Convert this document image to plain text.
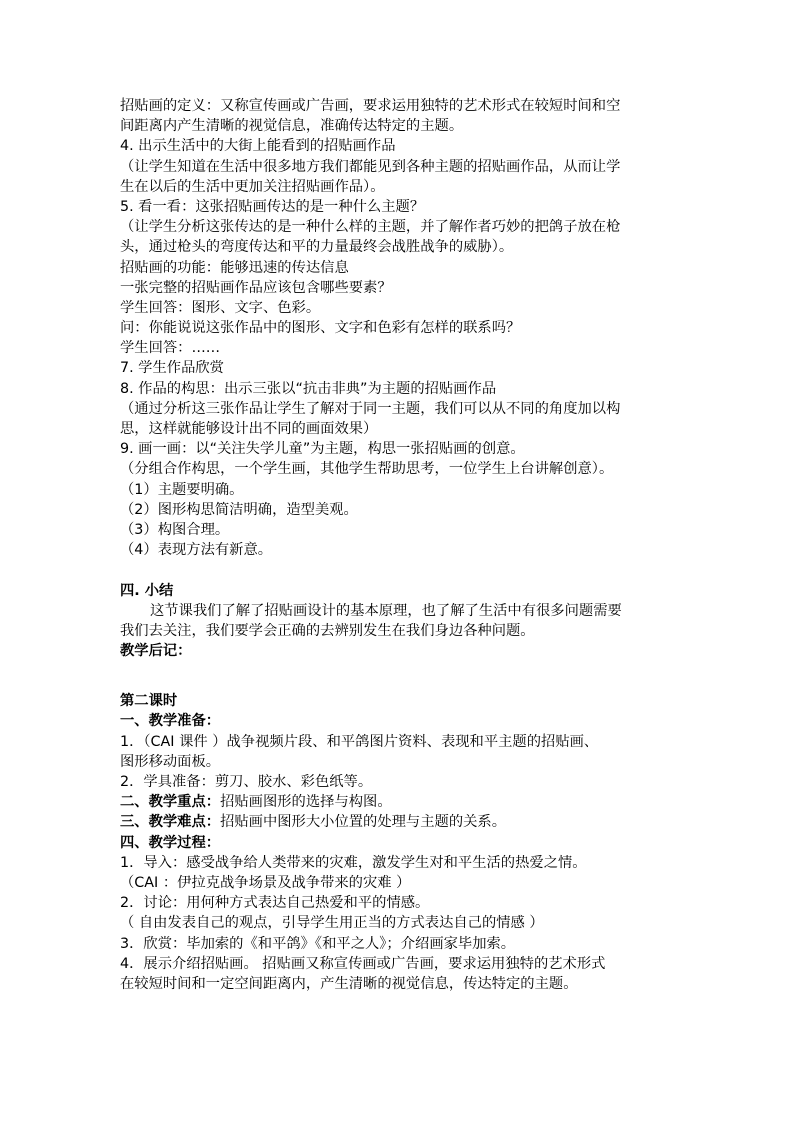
招贴画的定义：又称宣传画或广告画，要求运用独特的艺术形式在较短时间和空
间距离内产生清晰的视觉信息，准确传达特定的主题。
4. 出示生活中的大街上能看到的招贴画作品
（让学生知道在生活中很多地方我们都能见到各种主题的招贴画作品，从而让学
生在以后的生活中更加关注招贴画作品）。
5. 看一看：这张招贴画传达的是一种什么主题？
（让学生分析这张传达的是一种什么样的主题，并了解作者巧妙的把鸽子放在枪
头，通过枪头的弯度传达和平的力量最终会战胜战争的威胁）。
招贴画的功能：能够迅速的传达信息
一张完整的招贴画作品应该包含哪些要素？
学生回答：图形、文字、色彩。
问：你能说说这张作品中的图形、文字和色彩有怎样的联系吗？
学生回答：……
7. 学生作品欣赏
8. 作品的构思：出示三张以“抗击非典”为主题的招贴画作品
（通过分析这三张作品让学生了解对于同一主题，我们可以从不同的角度加以构
思，这样就能够设计出不同的画面效果）
9. 画一画：以“关注失学儿童”为主题，构思一张招贴画的创意。
（分组合作构思，一个学生画，其他学生帮助思考，一位学生上台讲解创意）。
（1）主题要明确。
（2）图形构思简洁明确，造型美观。
（3）构图合理。
（4）表现方法有新意。
四. 小结
这节课我们了解了招贴画设计的基本原理，也了解了生活中有很多问题需要
我们去关注，我们要学会正确的去辨别发生在我们身边各种问题。
教学后记：
第二课时
一、教学准备：
1．（CAI 课件 ）战争视频片段、和平鸽图片资料、表现和平主题的招贴画、
图形移动面板。
2．学具准备：剪刀、胶水、彩色纸等。
二、教学重点：招贴画图形的选择与构图。
三、教学难点：招贴画中图形大小位置的处理与主题的关系。
四、教学过程：
1．导入：感受战争给人类带来的灾难，激发学生对和平生活的热爱之情。
（CAI ：伊拉克战争场景及战争带来的灾难 ）
2．讨论：用何种方式表达自己热爱和平的情感。
（ 自由发表自己的观点，引导学生用正当的方式表达自己的情感 ）
3．欣赏：毕加索的《和平鸽》《和平之人》；介绍画家毕加索。
4．展示介绍招贴画。 招贴画又称宣传画或广告画，要求运用独特的艺术形式
在较短时间和一定空间距离内，产生清晰的视觉信息，传达特定的主题。
